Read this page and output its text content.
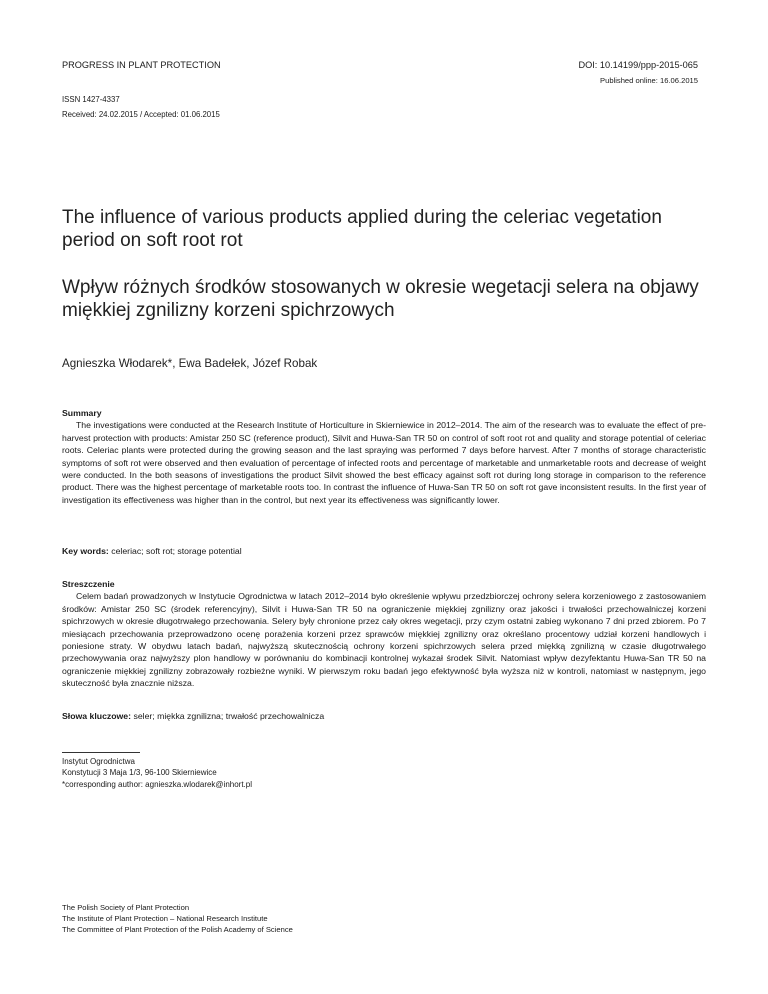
PROGRESS IN PLANT PROTECTION	DOI: 10.14199/ppp-2015-065
Published online: 16.06.2015
ISSN 1427-4337
Received: 24.02.2015 / Accepted: 01.06.2015
The influence of various products applied during the celeriac vegetation period on soft root rot
Wpływ różnych środków stosowanych w okresie wegetacji selera na objawy miękkiej zgnilizny korzeni spichrzowych
Agnieszka Włodarek*, Ewa Badełek, Józef Robak

Summary

The investigations were conducted at the Research Institute of Horticulture in Skierniewice in 2012–2014. The aim of the research was to evaluate the effect of pre-harvest protection with products: Amistar 250 SC (reference product), Silvit and Huwa-San TR 50 on control of soft root rot and quality and storage potential of celeriac roots. Celeriac plants were protected during the growing season and the last spraying was performed 7 days before harvest. After 7 months of storage characteristic symptoms of soft rot were observed and then evaluation of percentage of infected roots and percentage of marketable and unmarketable roots and decrease of weight were conducted. In the both seasons of investigations the product Silvit showed the best efficacy against soft rot during long storage in comparison to the reference product. There was the highest percentage of marketable roots too. In contrast the influence of Huwa-San TR 50 on soft rot gave inconsistent results. In the first year of investigation its effectiveness was higher than in the control, but next year its effectiveness was significantly lower.

Key words: celeriac; soft rot; storage potential

Streszczenie

Celem badań prowadzonych w Instytucie Ogrodnictwa w latach 2012–2014 było określenie wpływu przedzbiorczej ochrony selera korzeniowego z zastosowaniem środków: Amistar 250 SC (środek referencyjny), Silvit i Huwa-San TR 50 na ograniczenie miękkiej zgnilizny oraz jakości i trwałości przechowalniczej korzeni spichrzowych w okresie długotrwałego przechowania. Selery były chronione przez cały okres wegetacji, przy czym ostatni zabieg wykonano 7 dni przed zbiorem. Po 7 miesiącach przechowania przeprowadzono ocenę porażenia korzeni przez sprawców miękkiej zgnilizny oraz określano procentowy udział korzeni handlowych i poniesione straty. W obydwu latach badań, najwyższą skutecznością ochrony korzeni spichrzowych selera przed miękką zgnilizną w czasie długotrwałego przechowywania oraz najwyższy plon handlowy w porównaniu do kombinacji kontrolnej wykazał środek Silvit. Natomiast wpływ dezyfektantu Huwa-San TR 50 na ograniczenie miękkiej zgnilizny zobrazowały rozbieżne wyniki. W pierwszym roku badań jego efektywność była wyższa niż w kontroli, natomiast w następnym, jego skuteczność była znacznie niższa.

Słowa kluczowe: seler; miękka zgnilizna; trwałość przechowalnicza
Instytut Ogrodnictwa
Konstytucji 3 Maja 1/3, 96-100 Skierniewice
*corresponding author: agnieszka.wlodarek@inhort.pl
The Polish Society of Plant Protection
The Institute of Plant Protection – National Research Institute
The Committee of Plant Protection of the Polish Academy of Science
